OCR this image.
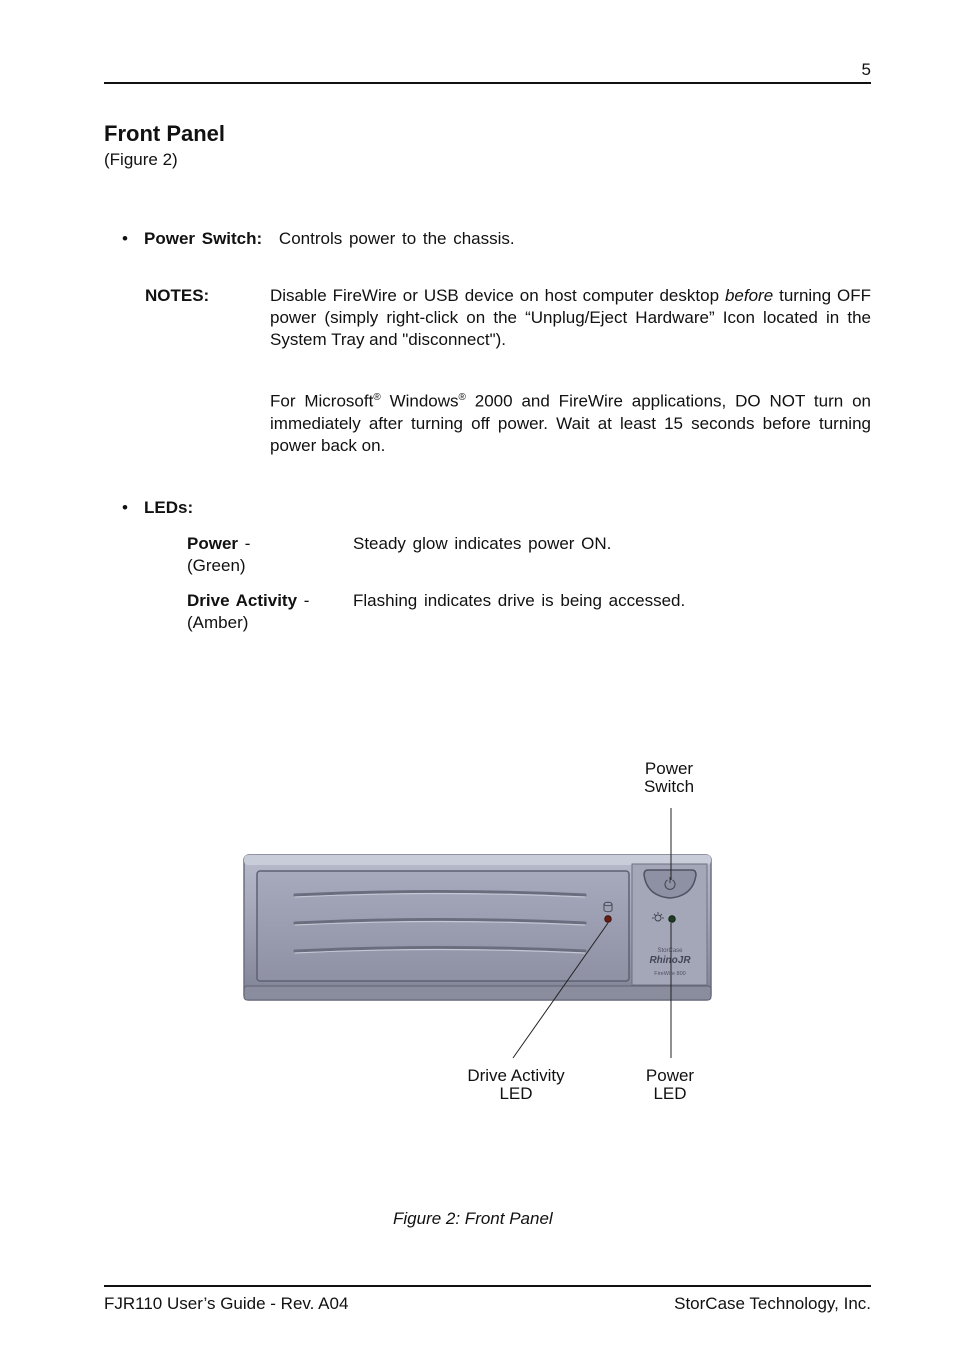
5
Front Panel
(Figure 2)
• Power Switch: Controls power to the chassis.
NOTES:	Disable FireWire or USB device on host computer desktop before turning OFF power (simply right-click on the “Unplug/Eject Hardware” Icon located in the System Tray and "disconnect").
For Microsoft® Windows® 2000 and FireWire applications, DO NOT turn on immediately after turning off power. Wait at least 15 seconds before turning power back on.
• LEDs:
Power -
(Green)
Steady glow indicates power ON.
Drive Activity -
(Amber)
Flashing indicates drive is being accessed.
Power
Switch
Drive Activity
LED
Power
LED
StorCase
RhinoJR
FireWire 800
Figure 2: Front Panel
FJR110 User’s Guide - Rev. A04	StorCase Technology, Inc.
